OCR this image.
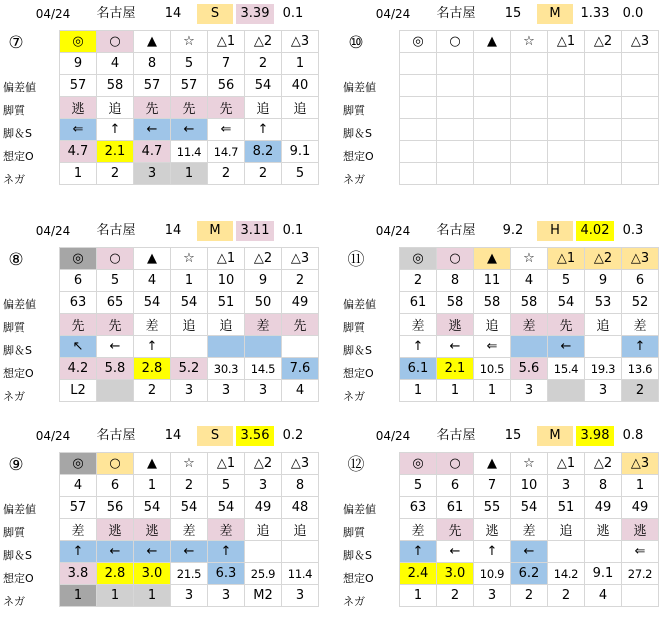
04/24	名古屋	14	S	3.39	0.1
⑦
偏差値
脚質
脚＆S
想定O
ネガ
◎	○	▲	☆	△1	△2	△3
9	4	8	5	7	2	1
57	58	57	57	56	54	40
逃	追	先	先	先	追	追
⇐	↑	←	←	⇐	↑	
4.7	2.1	4.7	11.4	14.7	8.2	9.1
1	2	3	1	2	2	5
04/24	名古屋	15	M	1.33	0.0
⑩
偏差値
脚質
脚＆S
想定O
ネガ
◎	○	▲	☆	△1	△2	△3

04/24	名古屋	14	M	3.11	0.1
⑧
偏差値
脚質
脚＆S
想定O
ネガ
◎	○	▲	☆	△1	△2	△3
6	5	4	1	10	9	2
63	65	54	54	51	50	49
先	先	差	追	追	差	先
↖	←	↑				
4.2	5.8	2.8	5.2	30.3	14.5	7.6
L2		2	3	3	3	4
04/24	名古屋	9.2	H	4.02	0.3
⑪
偏差値
脚質
脚＆S
想定O
ネガ
◎	○	▲	☆	△1	△2	△3
2	8	11	4	5	9	6
61	58	58	58	54	53	52
差	逃	追	差	先	追	差
↑	←	⇐		←		↑
6.1	2.1	10.5	5.6	15.4	19.3	13.6
1	1	1	3		3	2
04/24	名古屋	14	S	3.56	0.2
⑨
偏差値
脚質
脚＆S
想定O
ネガ
◎	○	▲	☆	△1	△2	△3
4	6	1	2	5	3	8
57	56	54	54	54	49	48
差	逃	逃	差	差	追	追
↑	←	←	←	↑		
3.8	2.8	3.0	21.5	6.3	25.9	11.4
1	1	1	3	3	M2	3
04/24	名古屋	15	M	3.98	0.8
⑫
偏差値
脚質
脚＆S
想定O
ネガ
◎	○	▲	☆	△1	△2	△3
5	6	7	10	3	8	1
63	61	55	54	51	49	49
差	先	逃	差	追	逃	逃
↑	←	↑	←			⇐
2.4	3.0	10.9	6.2	14.2	9.1	27.2
1	2	3	2	2	4	
